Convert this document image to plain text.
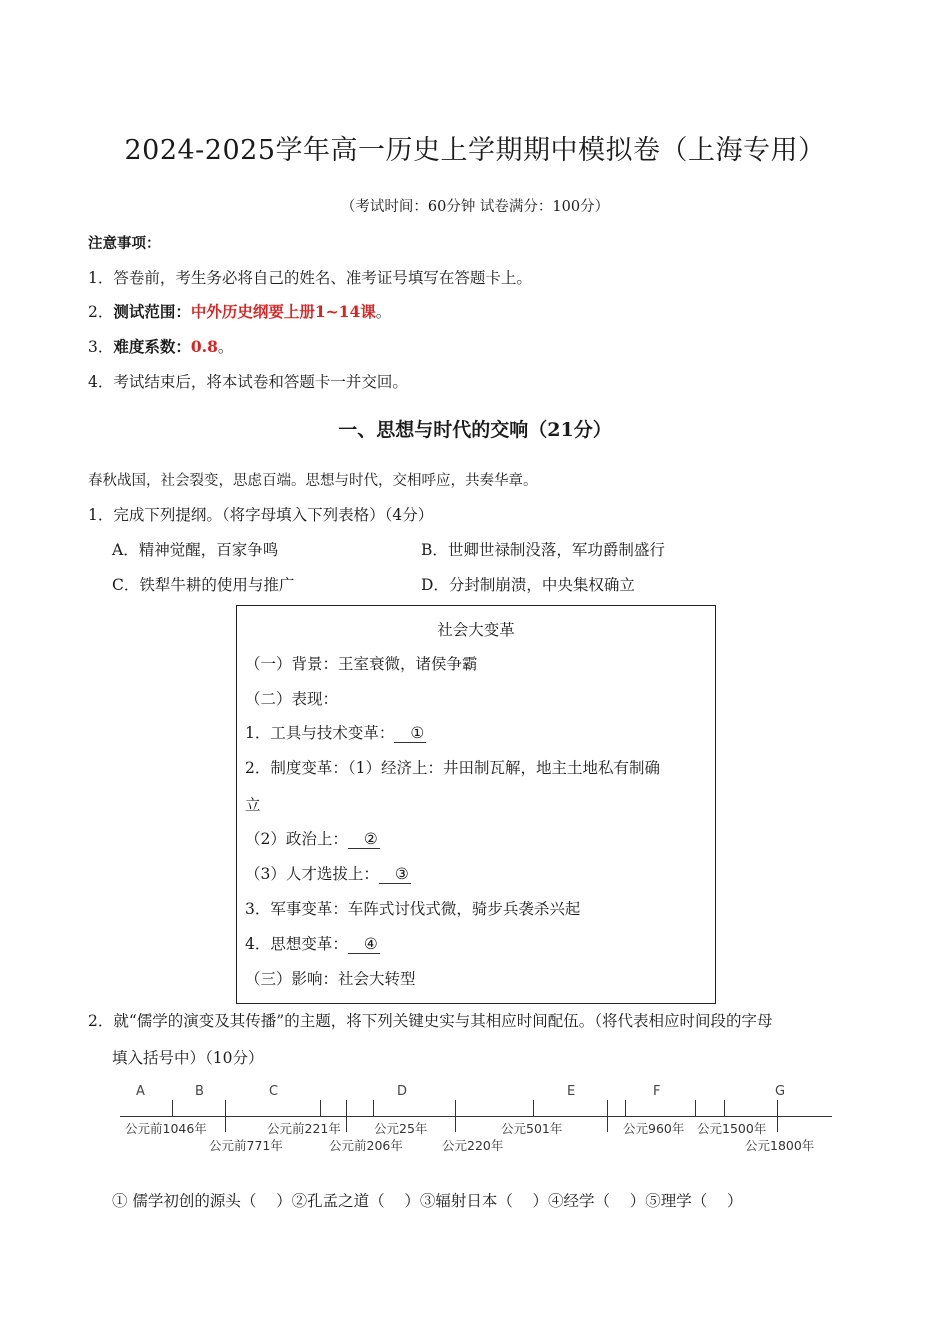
2024-2025学年高一历史上学期期中模拟卷（上海专用）
（考试时间：60分钟 试卷满分：100分）
注意事项：
1．答卷前，考生务必将自己的姓名、准考证号填写在答题卡上。
2．测试范围：中外历史纲要上册1~14课。
3．难度系数：0.8。
4．考试结束后，将本试卷和答题卡一并交回。
一、思想与时代的交响（21分）
春秋战国，社会裂变，思虑百端。思想与时代，交相呼应，共奏华章。
1．完成下列提纲。（将字母填入下列表格）（4分）
A．精神觉醒，百家争鸣	B．世卿世禄制没落，军功爵制盛行
C．铁犁牛耕的使用与推广	D．分封制崩溃，中央集权确立
社会大变革
（一）背景：王室衰微，诸侯争霸
（二）表现：
1．工具与技术变革： ①
2．制度变革：（1）经济上：井田制瓦解，地主土地私有制确
立
（2）政治上： ②
（3）人才选拔上： ③
3．军事变革：车阵式讨伐式微，骑步兵袭杀兴起
4．思想变革： ④
（三）影响：社会大转型
2．就“儒学的演变及其传播”的主题，将下列关键史实与其相应时间配伍。（将代表相应时间段的字母
填入括号中）（10分）
A	B	C	D	E	F	G
公元前1046年	公元前221年	公元25年	公元501年	公元960年 公元1500年
公元前771年	公元前206年	公元220年	公元1800年
① 儒学初创的源头（    ）②孔孟之道（    ）③辐射日本（    ）④经学（    ）⑤理学（    ）
